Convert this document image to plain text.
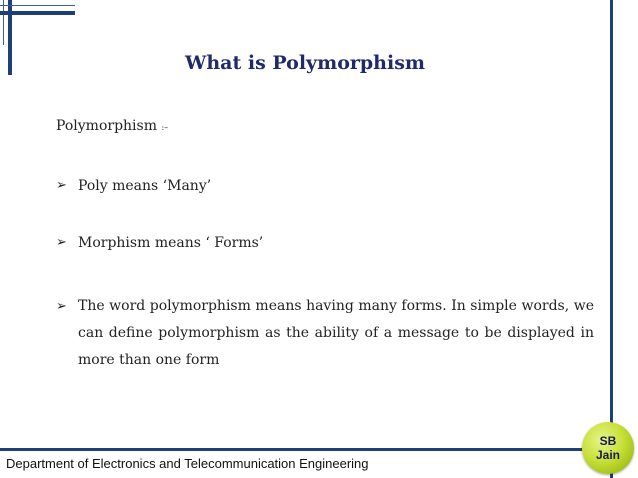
What is Polymorphism

Polymorphism :–

➢ Poly means ‘Many’
➢ Morphism means ‘ Forms’
➢ The word polymorphism means having many forms. In simple words, we can define polymorphism as the ability of a message to be displayed in more than one form
Department of Electronics and Telecommunication Engineering
SB
Jain
